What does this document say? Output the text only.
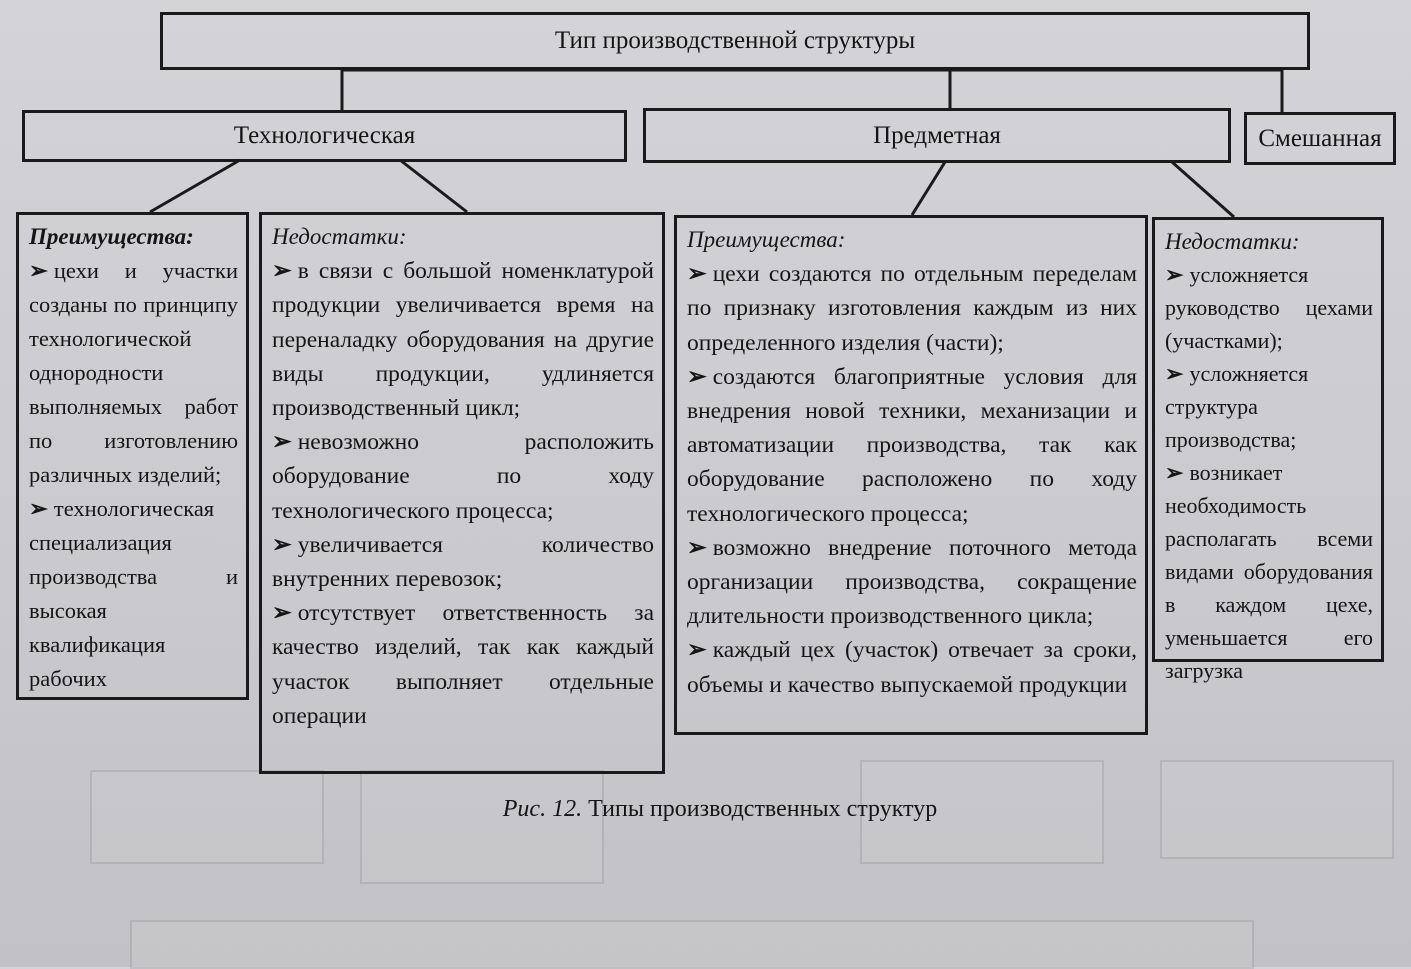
Тип производственной структуры
Технологическая	Предметная	Смешанная
Преимущества:
➢ цехи и участки созданы по принципу технологической однородности выполняемых работ по изготовлению различных изделий;
➢ технологическая специализация производства и высокая квалификация рабочих
Недостатки:
➢ в связи с большой номенклатурой продукции увеличивается время на переналадку оборудования на другие виды продукции, удлиняется производственный цикл;
➢ невозможно расположить оборудование по ходу технологического процесса;
➢ увеличивается количество внутренних перевозок;
➢ отсутствует ответственность за качество изделий, так как каждый участок выполняет отдельные операции
Преимущества:
➢ цехи создаются по отдельным переделам по признаку изготовления каждым из них определенного изделия (части);
➢ создаются благоприятные условия для внедрения новой техники, механизации и автоматизации производства, так как оборудование расположено по ходу технологического процесса;
➢ возможно внедрение поточного метода организации производства, сокращение длительности производственного цикла;
➢ каждый цех (участок) отвечает за сроки, объемы и качество выпускаемой продукции
Недостатки:
➢ усложняется руководство цехами (участками);
➢ усложняется структура производства;
➢ возникает необходимость располагать всеми видами оборудования в каждом цехе, уменьшается его загрузка
Рис. 12. Типы производственных структур
